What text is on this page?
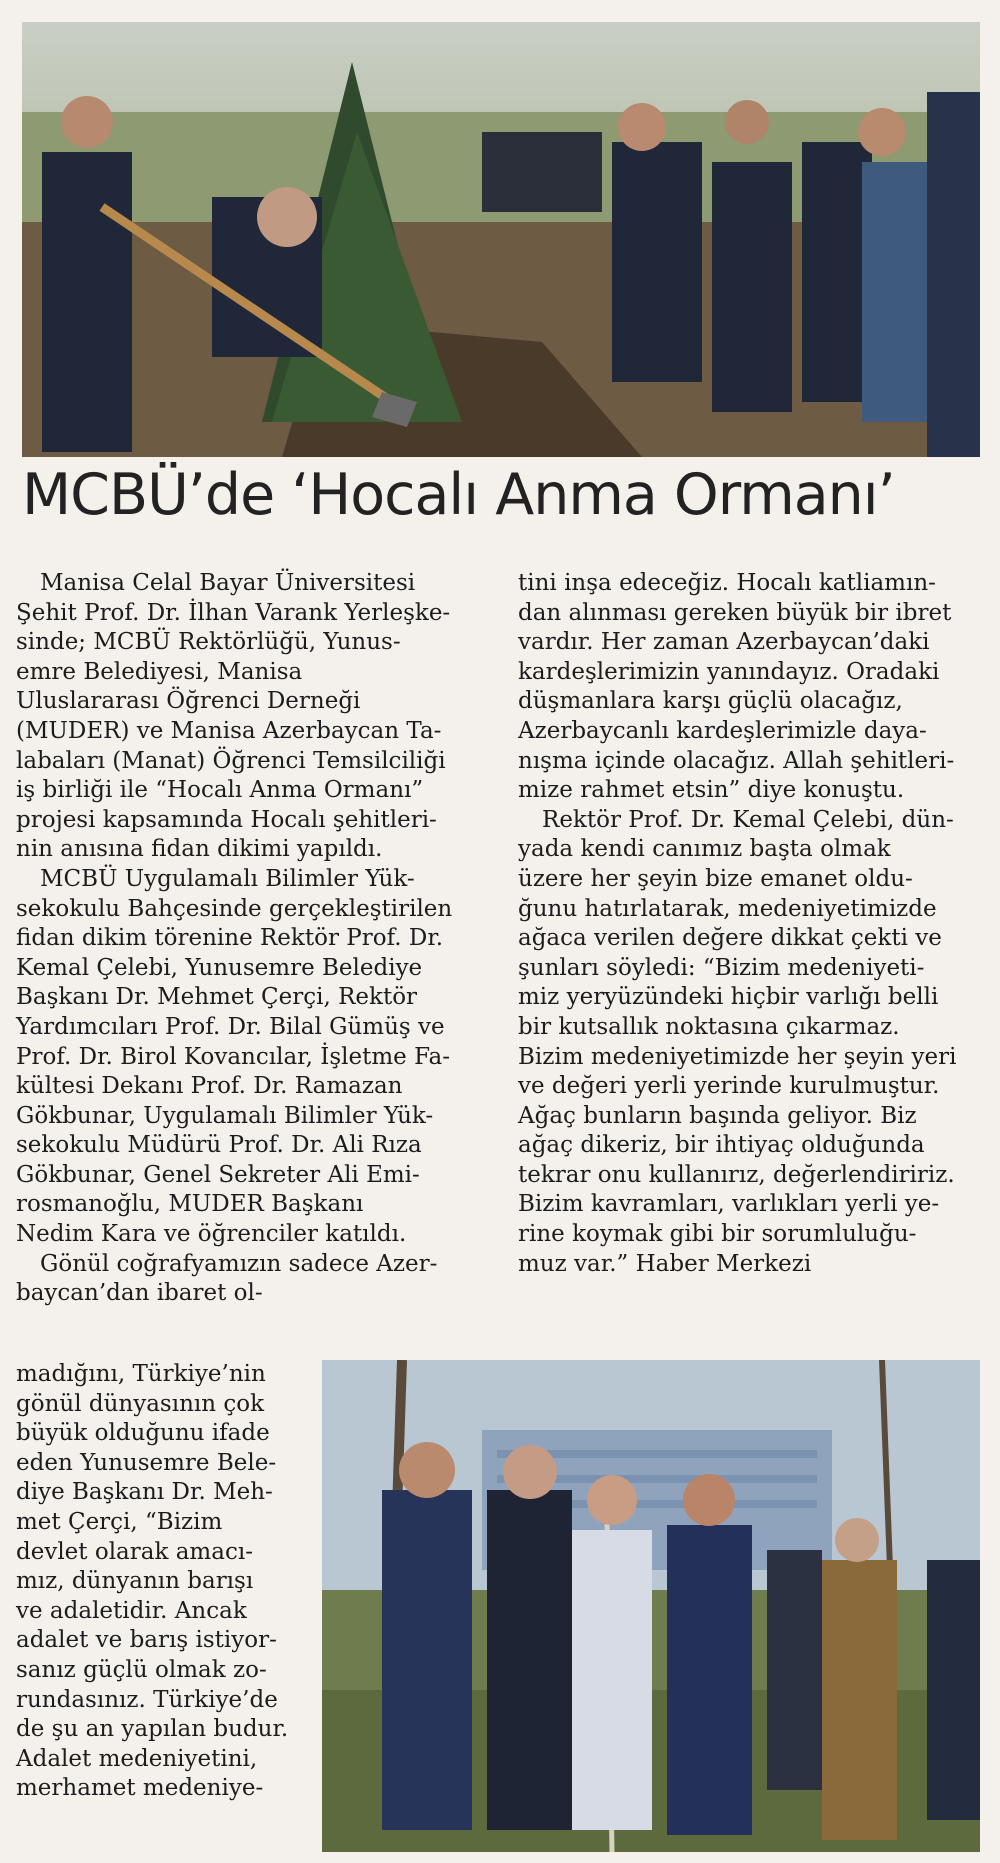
MCBÜ’de ‘Hocalı Anma Ormanı’

Manisa Celal Bayar Üniversitesi

Şehit Prof. Dr. İlhan Varank Yerleşke-

sinde; MCBÜ Rektörlüğü, Yunus-

emre Belediyesi, Manisa

Uluslararası Öğrenci Derneği

(MUDER) ve Manisa Azerbaycan Ta-

labaları (Manat) Öğrenci Temsilciliği

iş birliği ile “Hocalı Anma Ormanı”

projesi kapsamında Hocalı şehitleri-

nin anısına fidan dikimi yapıldı.

MCBÜ Uygulamalı Bilimler Yük-

sekokulu Bahçesinde gerçekleştirilen

fidan dikim törenine Rektör Prof. Dr.

Kemal Çelebi, Yunusemre Belediye

Başkanı Dr. Mehmet Çerçi, Rektör

Yardımcıları Prof. Dr. Bilal Gümüş ve

Prof. Dr. Birol Kovancılar, İşletme Fa-

kültesi Dekanı Prof. Dr. Ramazan

Gökbunar, Uygulamalı Bilimler Yük-

sekokulu Müdürü Prof. Dr. Ali Rıza

Gökbunar, Genel Sekreter Ali Emi-

rosmanoğlu, MUDER Başkanı

Nedim Kara ve öğrenciler katıldı.

Gönül coğrafyamızın sadece Azer-

baycan’dan ibaret ol-

madığını, Türkiye’nin

gönül dünyasının çok

büyük olduğunu ifade

eden Yunusemre Bele-

diye Başkanı Dr. Meh-

met Çerçi, “Bizim

devlet olarak amacı-

mız, dünyanın barışı

ve adaletidir. Ancak

adalet ve barış istiyor-

sanız güçlü olmak zo-

rundasınız. Türkiye’de

de şu an yapılan budur.

Adalet medeniyetini,

merhamet medeniye-

tini inşa edeceğiz. Hocalı katliamın-

dan alınması gereken büyük bir ibret

vardır. Her zaman Azerbaycan’daki

kardeşlerimizin yanındayız. Oradaki

düşmanlara karşı güçlü olacağız,

Azerbaycanlı kardeşlerimizle daya-

nışma içinde olacağız. Allah şehitleri-

mize rahmet etsin” diye konuştu.

Rektör Prof. Dr. Kemal Çelebi, dün-

yada kendi canımız başta olmak

üzere her şeyin bize emanet oldu-

ğunu hatırlatarak, medeniyetimizde

ağaca verilen değere dikkat çekti ve

şunları söyledi: “Bizim medeniyeti-

miz yeryüzündeki hiçbir varlığı belli

bir kutsallık noktasına çıkarmaz.

Bizim medeniyetimizde her şeyin yeri

ve değeri yerli yerinde kurulmuştur.

Ağaç bunların başında geliyor. Biz

ağaç dikeriz, bir ihtiyaç olduğunda

tekrar onu kullanırız, değerlendiririz.

Bizim kavramları, varlıkları yerli ye-

rine koymak gibi bir sorumluluğu-

muz var.” Haber Merkezi
